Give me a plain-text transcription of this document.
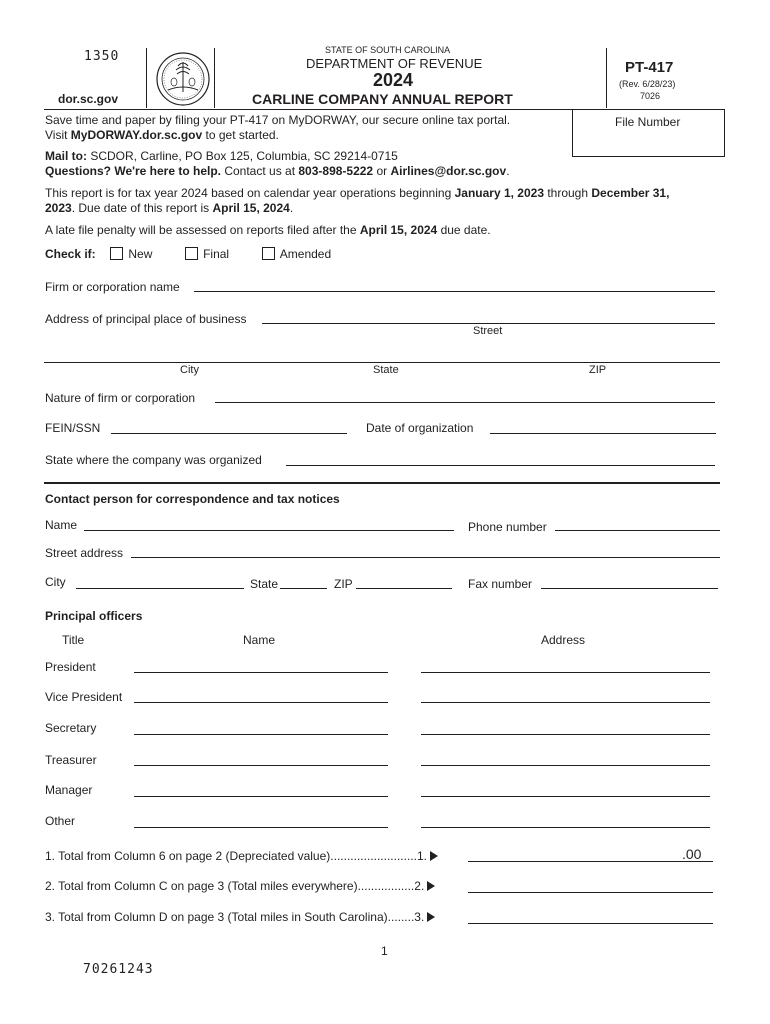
1350
dor.sc.gov
STATE OF SOUTH CAROLINA
DEPARTMENT OF REVENUE
2024
CARLINE COMPANY ANNUAL REPORT
PT-417
(Rev. 6/28/23)
7026
File Number
Save time and paper by filing your PT-417 on MyDORWAY, our secure online tax portal.
Visit MyDORWAY.dor.sc.gov to get started.
Mail to: SCDOR, Carline, PO Box 125, Columbia, SC 29214-0715
Questions? We're here to help. Contact us at 803-898-5222 or Airlines@dor.sc.gov.
This report is for tax year 2024 based on calendar year operations beginning January 1, 2023 through December 31,
2023. Due date of this report is April 15, 2024.
A late file penalty will be assessed on reports filed after the April 15, 2024 due date.
Check if:	New	Final	Amended
Firm or corporation name
Address of principal place of business
Street
City	State	ZIP
Nature of firm or corporation
FEIN/SSN	Date of organization
State where the company was organized
Contact person for correspondence and tax notices
Name	Phone number
Street address
City	State	ZIP	Fax number
Principal officers
Title	Name	Address
President
Vice President
Secretary
Treasurer
Manager
Other
1. Total from Column 6 on page 2 (Depreciated value)..........................1.	.00
2. Total from Column C on page 3 (Total miles everywhere).................2.
3. Total from Column D on page 3 (Total miles in South Carolina)........3.
1
70261243
